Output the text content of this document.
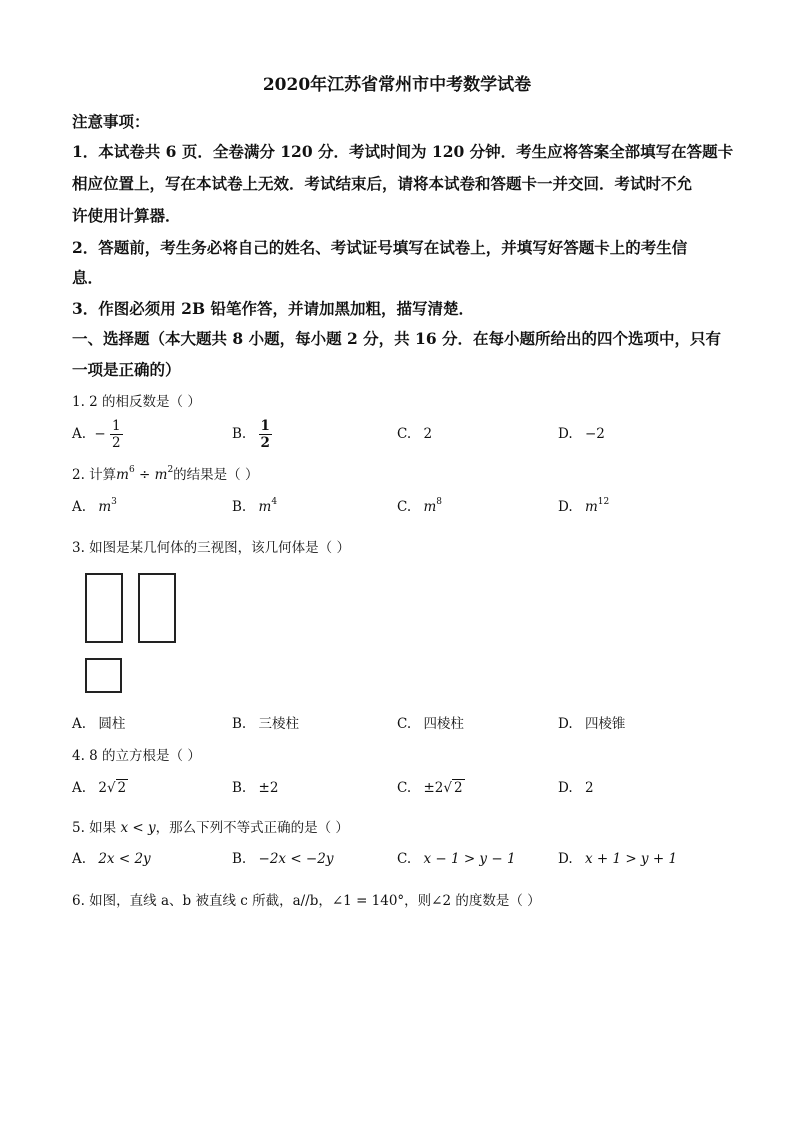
2020年江苏省常州市中考数学试卷
注意事项：
1．本试卷共 6 页．全卷满分 120 分．考试时间为 120 分钟．考生应将答案全部填写在答题卡
相应位置上，写在本试卷上无效．考试结束后，请将本试卷和答题卡一并交回．考试时不允
许使用计算器．
2．答题前，考生务必将自己的姓名、考试证号填写在试卷上，并填写好答题卡上的考生信
息．
3．作图必须用 2B 铅笔作答，并请加黑加粗，描写清楚．
一、选择题（本大题共 8 小题，每小题 2 分，共 16 分．在每小题所给出的四个选项中，只有
一项是正确的）
1. 2 的相反数是（ ）
A. − $\frac{1}{2}$	B. $\frac{1}{2}$	C. 2	D. −2
2. 计算$m^6 \div m^2$的结果是（ ）
A. $m^3$	B. $m^4$	C. $m^8$	D. $m^{12}$
3. 如图是某几何体的三视图，该几何体是（ ）
A. 圆柱	B. 三棱柱	C. 四棱柱	D. 四棱锥
4. 8 的立方根是（ ）
A. 2√ 2	B. ±2	C. ±2√ 2	D. 2
5. 如果 x < y，那么下列不等式正确的是（ ）
A. 2x < 2y	B. −2x < −2y	C. x − 1 > y − 1	D. x + 1 > y + 1
6. 如图，直线 a、b 被直线 c 所截，a//b，∠1 = 140°，则∠2 的度数是（ ）
